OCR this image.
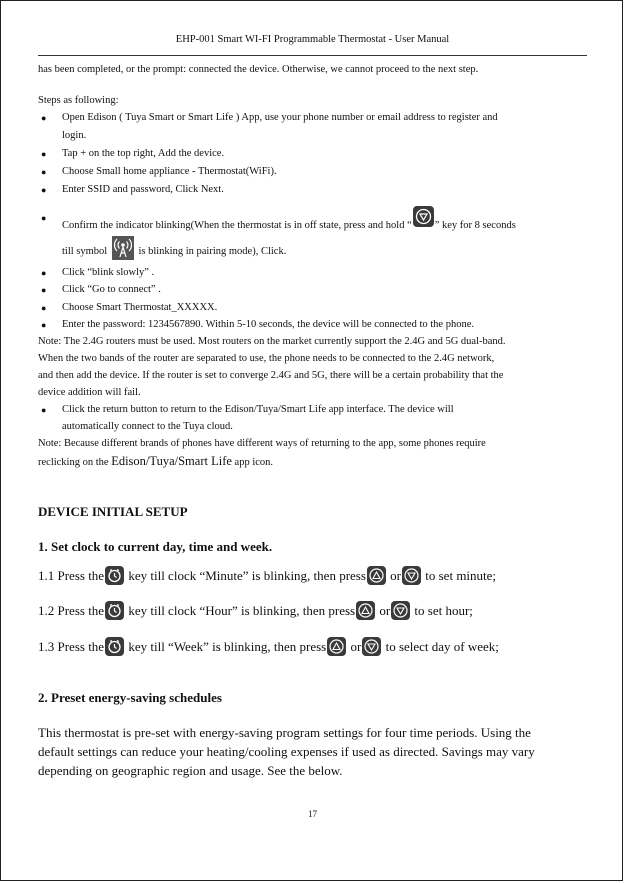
EHP-001 Smart WI-FI Programmable Thermostat - User Manual
has been completed, or the prompt: connected the device. Otherwise, we cannot proceed to the next step.
Steps as following:
● Open Edison ( Tuya Smart or Smart Life ) App, use your phone number or email address to register and
login.
● Tap + on the top right, Add the device.
● Choose Small home appliance - Thermostat(WiFi).
● Enter SSID and password, Click Next.
●
Confirm the indicator blinking(When the thermostat is in off state, press and hold “ ” key for 8 seconds
till symbol	is blinking in pairing mode), Click.
● Click “blink slowly” .
● Click “Go to connect” .
● Choose Smart Thermostat_XXXXX.
● Enter the password: 1234567890. Within 5-10 seconds, the device will be connected to the phone.
Note: The 2.4G routers must be used. Most routers on the market currently support the 2.4G and 5G dual-band.
When the two bands of the router are separated to use, the phone needs to be connected to the 2.4G network,
and then add the device. If the router is set to converge 2.4G and 5G, there will be a certain probability that the
device addition will fail.
● Click the return button to return to the Edison/Tuya/Smart Life app interface. The device will
automatically connect to the Tuya cloud.
Note: Because different brands of phones have different ways of returning to the app, some phones require
reclicking on the Edison/Tuya/Smart Life app icon.
DEVICE INITIAL SETUP
1. Set clock to current day, time and week.
1.1 Press the key till clock “Minute” is blinking, then press or to set minute;
1.2 Press the key till clock “Hour” is blinking, then press or to set hour;
1.3 Press the key till “Week” is blinking, then press or to select day of week;
2. Preset energy-saving schedules
This thermostat is pre-set with energy-saving program settings for four time periods. Using the
default settings can reduce your heating/cooling expenses if used as directed. Savings may vary
depending on geographic region and usage. See the below.
17
